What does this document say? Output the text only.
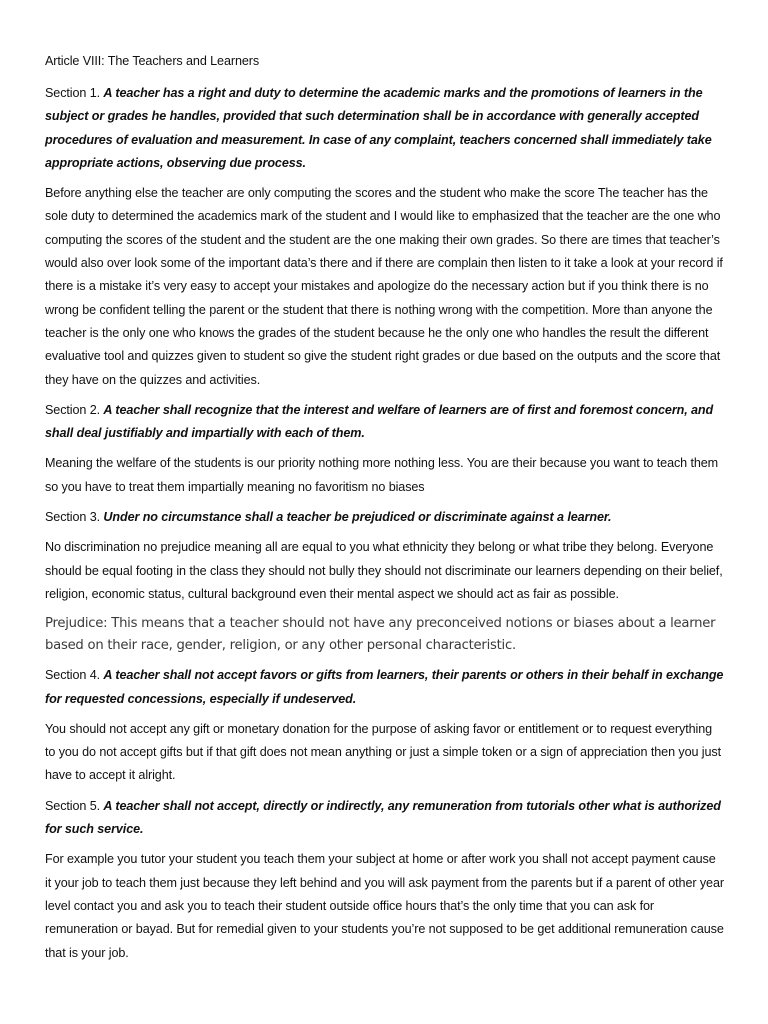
Article VIII: The Teachers and Learners

Section 1. A teacher has a right and duty to determine the academic marks and the promotions of learners in the subject or grades he handles, provided that such determination shall be in accordance with generally accepted procedures of evaluation and measurement. In case of any complaint, teachers concerned shall immediately take appropriate actions, observing due process.

Before anything else the teacher are only computing the scores and the student who make the score The teacher has the sole duty to determined the academics mark of the student and I would like to emphasized that the teacher are the one who computing the scores of the student and the student are the one making their own grades. So there are times that teacher’s would also over look some of the important data’s there and if there are complain then listen to it take a look at your record if there is a mistake it’s very easy to accept your mistakes and apologize do the necessary action but if you think there is no wrong be confident telling the parent or the student that there is nothing wrong with the competition. More than anyone the teacher is the only one who knows the grades of the student because he the only one who handles the result the different evaluative tool and quizzes given to student so give the student right grades or due based on the outputs and the score that they have on the quizzes and activities.

Section 2. A teacher shall recognize that the interest and welfare of learners are of first and foremost concern, and shall deal justifiably and impartially with each of them.

Meaning the welfare of the students is our priority nothing more nothing less. You are their because you want to teach them so you have to treat them impartially meaning no favoritism no biases

Section 3. Under no circumstance shall a teacher be prejudiced or discriminate against a learner.

No discrimination no prejudice meaning all are equal to you what ethnicity they belong or what tribe they belong. Everyone should be equal footing in the class they should not bully they should not discriminate our learners depending on their belief, religion, economic status, cultural background even their mental aspect we should act as fair as possible.

Prejudice: This means that a teacher should not have any preconceived notions or biases about a learner based on their race, gender, religion, or any other personal characteristic.

Section 4. A teacher shall not accept favors or gifts from learners, their parents or others in their behalf in exchange for requested concessions, especially if undeserved.

You should not accept any gift or monetary donation for the purpose of asking favor or entitlement or to request everything to you do not accept gifts but if that gift does not mean anything or just a simple token or a sign of appreciation then you just have to accept it alright.

Section 5. A teacher shall not accept, directly or indirectly, any remuneration from tutorials other what is authorized for such service.

For example you tutor your student you teach them your subject at home or after work you shall not accept payment cause it your job to teach them just because they left behind and you will ask payment from the parents but if a parent of other year level contact you and ask you to teach their student outside office hours that’s the only time that you can ask for remuneration or bayad. But for remedial given to your students you’re not supposed to be get additional remuneration cause that is your job.
